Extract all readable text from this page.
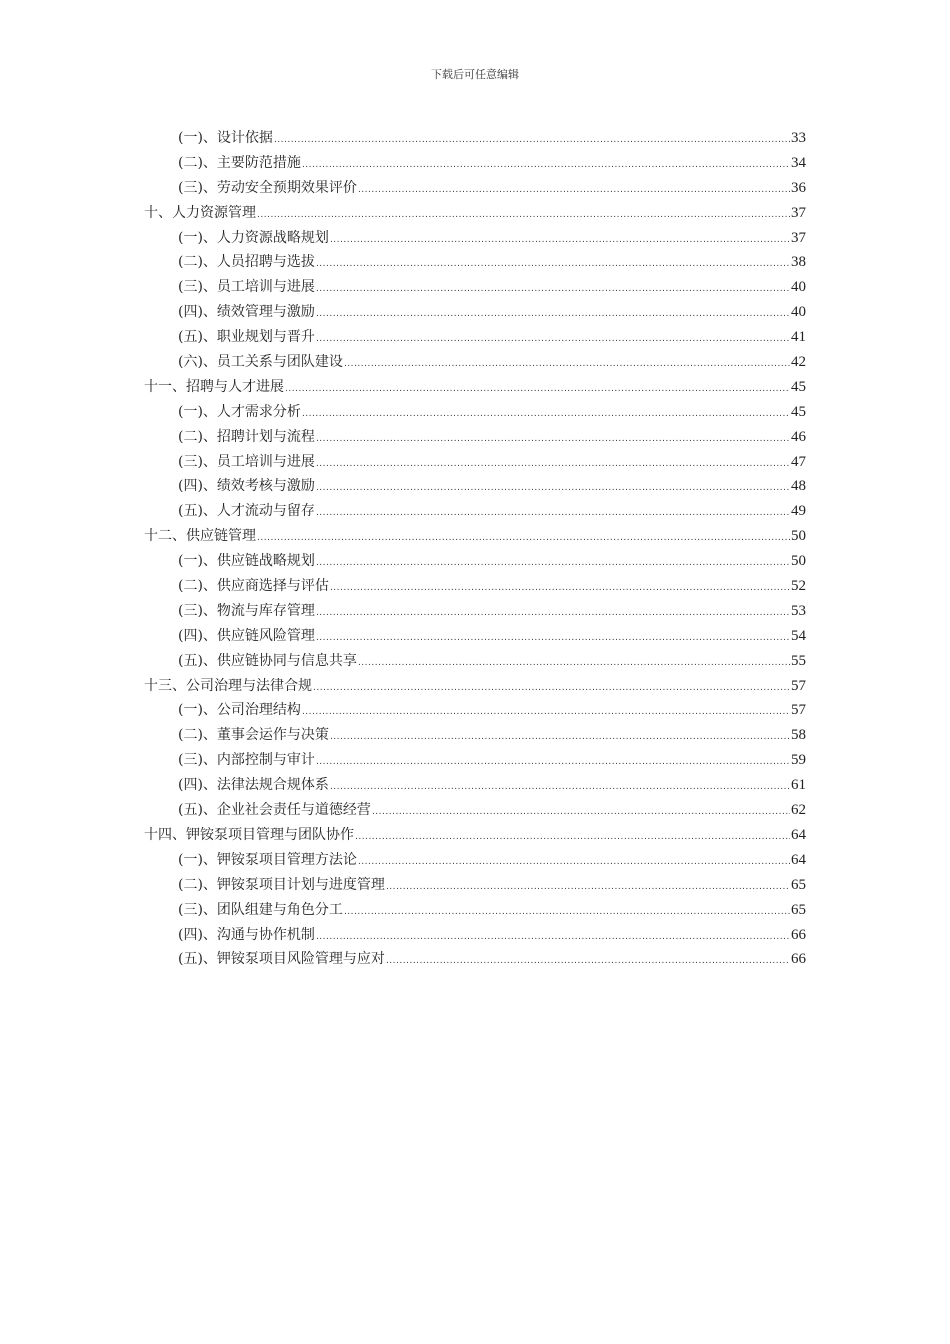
下载后可任意编辑
(一)、设计依据 .....	33
(二)、主要防范措施 .....	34
(三)、劳动安全预期效果评价 .....	36
十、人力资源管理 .....	37
(一)、人力资源战略规划 .....	37
(二)、人员招聘与选拔 .....	38
(三)、员工培训与进展 .....	40
(四)、绩效管理与激励 .....	40
(五)、职业规划与晋升 .....	41
(六)、员工关系与团队建设 .....	42
十一、招聘与人才进展 .....	45
(一)、人才需求分析 .....	45
(二)、招聘计划与流程 .....	46
(三)、员工培训与进展 .....	47
(四)、绩效考核与激励 .....	48
(五)、人才流动与留存 .....	49
十二、供应链管理 .....	50
(一)、供应链战略规划 .....	50
(二)、供应商选择与评估 .....	52
(三)、物流与库存管理 .....	53
(四)、供应链风险管理 .....	54
(五)、供应链协同与信息共享 .....	55
十三、公司治理与法律合规 .....	57
(一)、公司治理结构 .....	57
(二)、董事会运作与决策 .....	58
(三)、内部控制与审计 .....	59
(四)、法律法规合规体系 .....	61
(五)、企业社会责任与道德经营 .....	62
十四、钾铵泵项目管理与团队协作 .....	64
(一)、钾铵泵项目管理方法论 .....	64
(二)、钾铵泵项目计划与进度管理 .....	65
(三)、团队组建与角色分工 .....	65
(四)、沟通与协作机制 .....	66
(五)、钾铵泵项目风险管理与应对 .....	66
